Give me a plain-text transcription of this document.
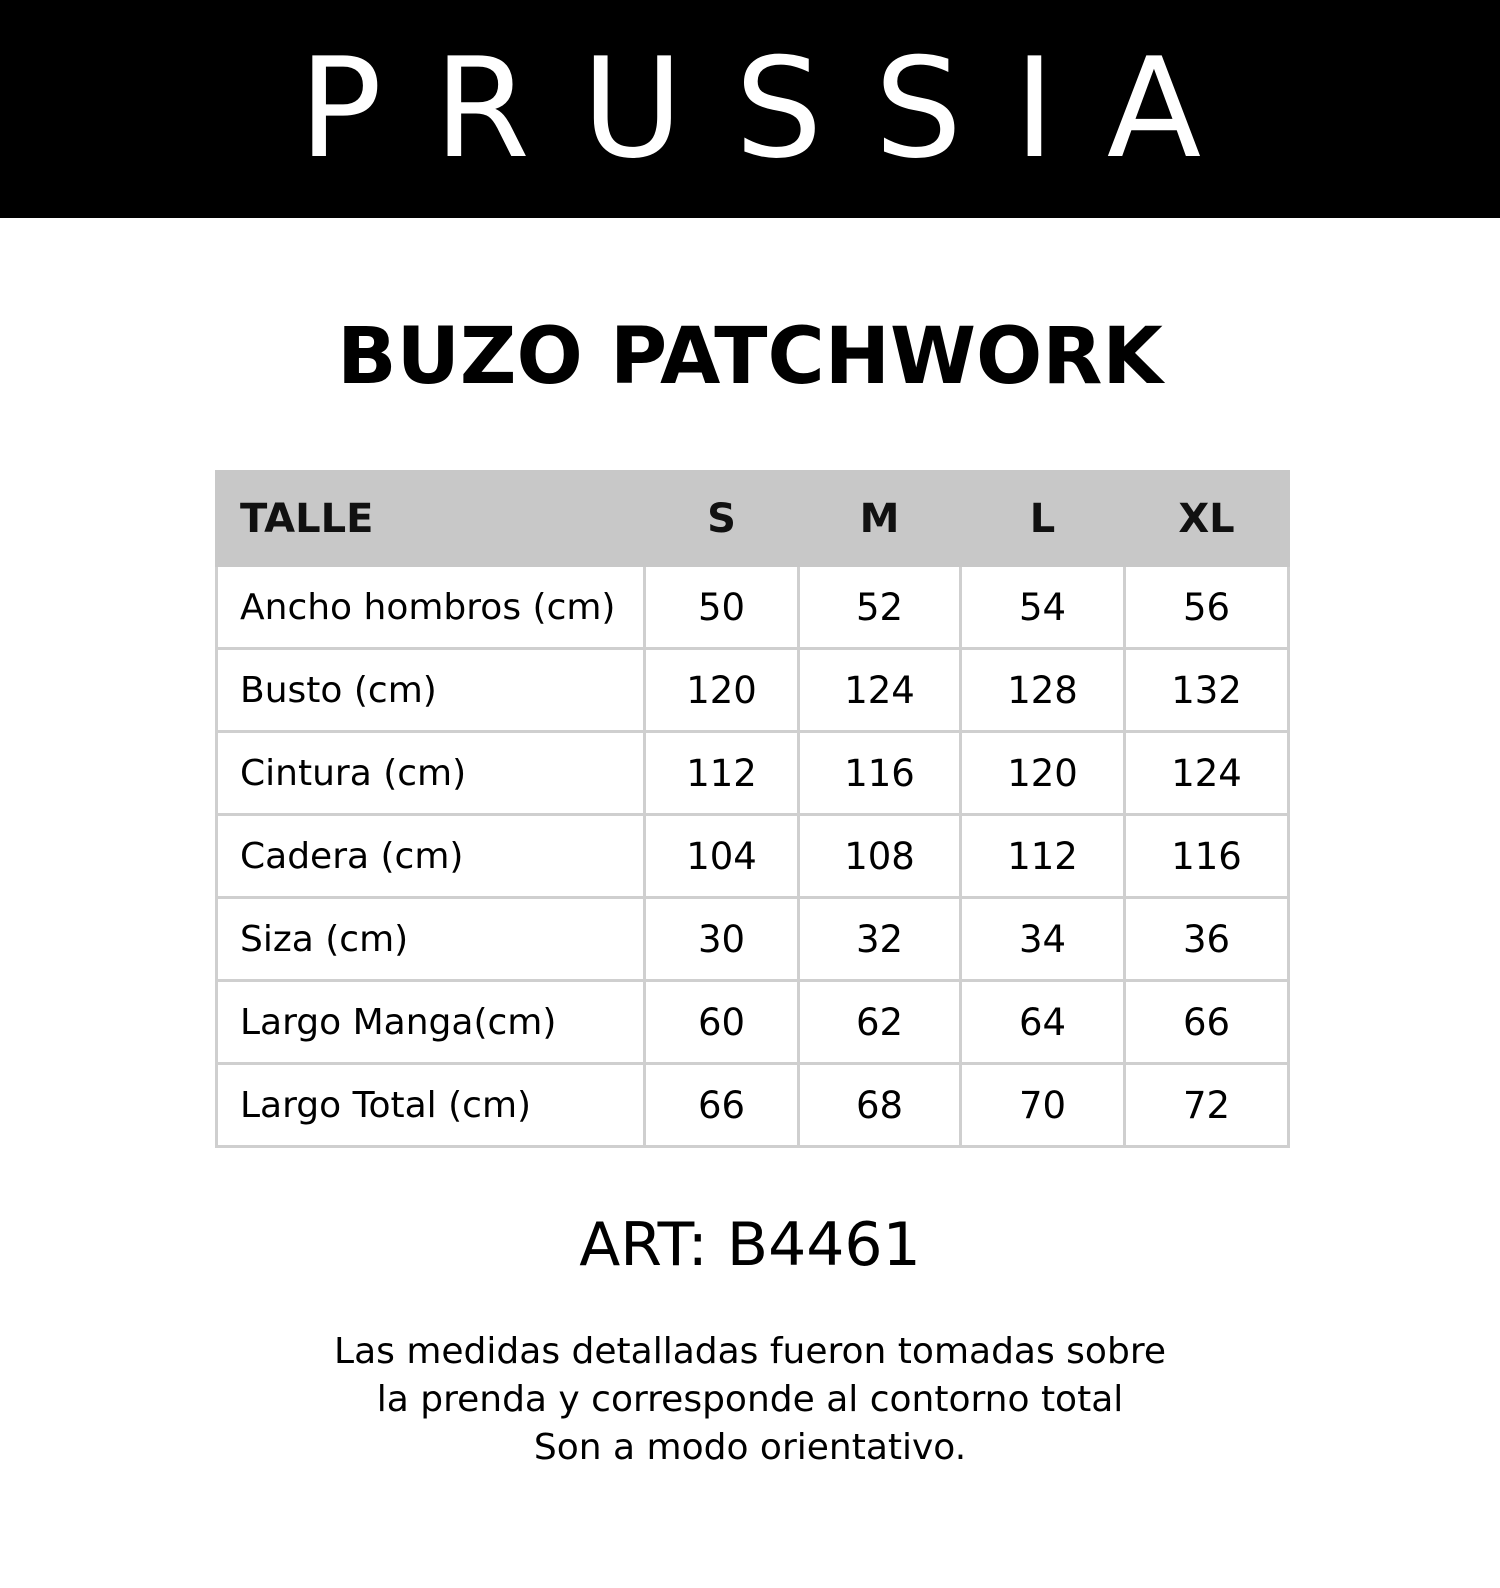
PRUSSIA
BUZO PATCHWORK
TALLE	S	M	L	XL
Ancho hombros (cm)	50	52	54	56
Busto (cm)	120	124	128	132
Cintura (cm)	112	116	120	124
Cadera (cm)	104	108	112	116
Siza (cm)	30	32	34	36
Largo Manga(cm)	60	62	64	66
Largo Total (cm)	66	68	70	72
ART: B4461
Las medidas detalladas fueron tomadas sobre
la prenda y corresponde al contorno total
Son a modo orientativo.
